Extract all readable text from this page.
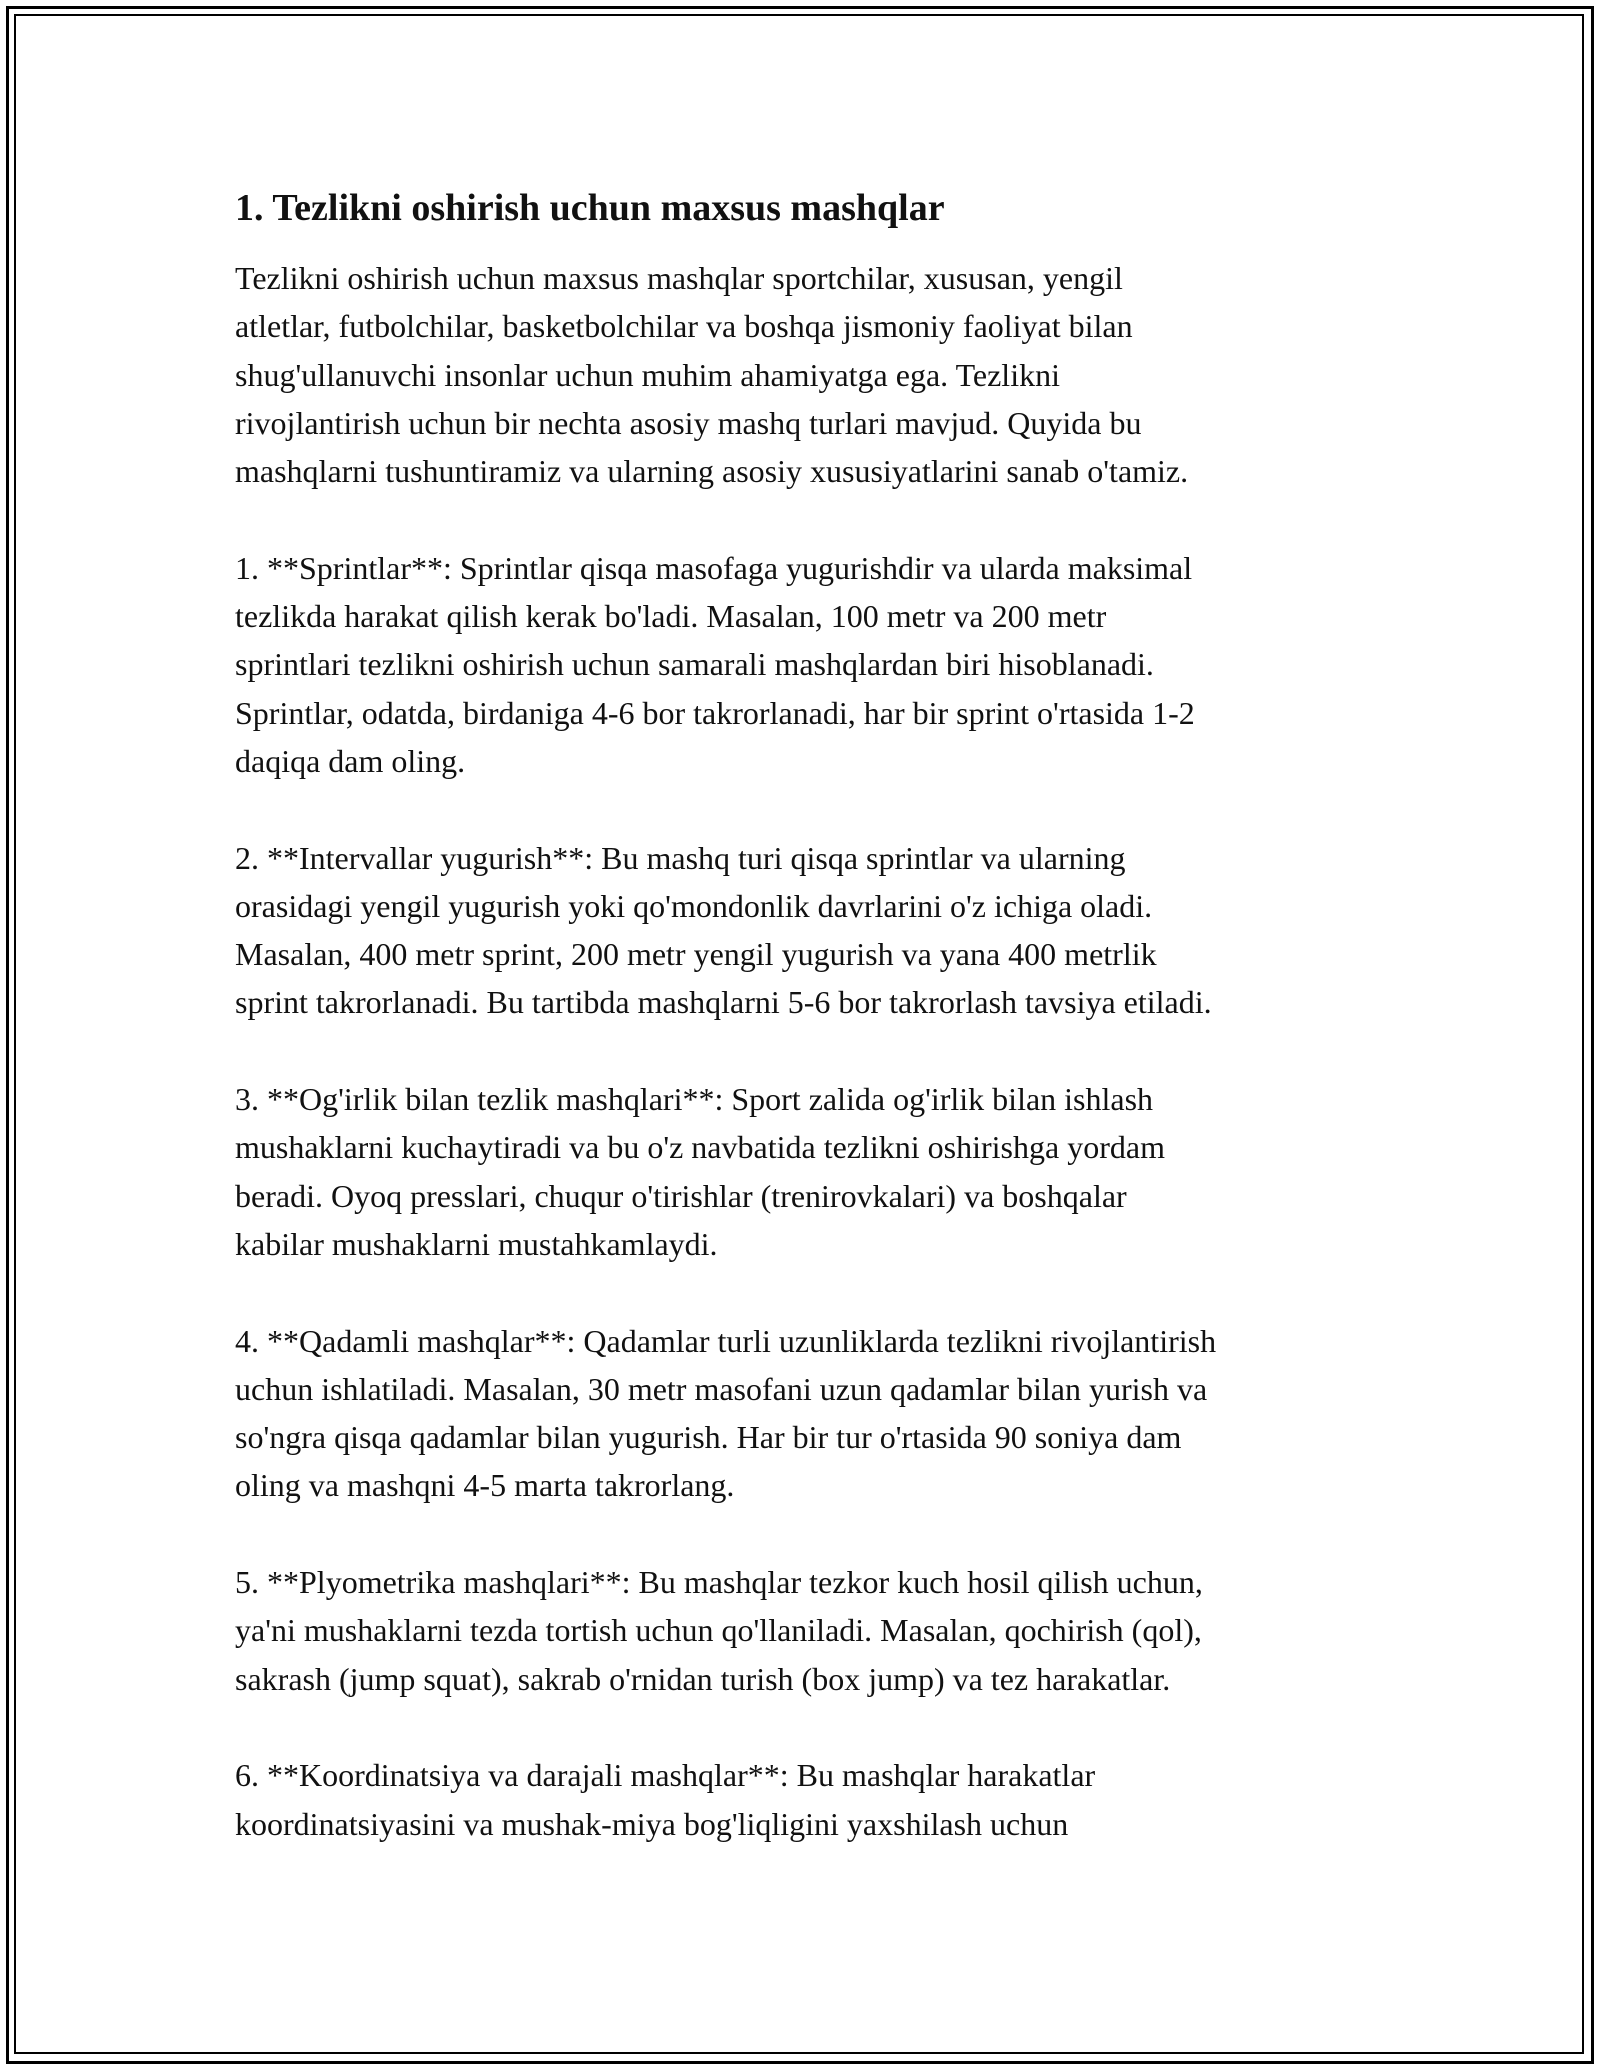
1. Tezlikni oshirish uchun maxsus mashqlar
Tezlikni oshirish uchun maxsus mashqlar sportchilar, xususan, yengil
atletlar, futbolchilar, basketbolchilar va boshqa jismoniy faoliyat bilan
shug'ullanuvchi insonlar uchun muhim ahamiyatga ega. Tezlikni
rivojlantirish uchun bir nechta asosiy mashq turlari mavjud. Quyida bu
mashqlarni tushuntiramiz va ularning asosiy xususiyatlarini sanab o'tamiz.
1. **Sprintlar**: Sprintlar qisqa masofaga yugurishdir va ularda maksimal
tezlikda harakat qilish kerak bo'ladi. Masalan, 100 metr va 200 metr
sprintlari tezlikni oshirish uchun samarali mashqlardan biri hisoblanadi.
Sprintlar, odatda, birdaniga 4-6 bor takrorlanadi, har bir sprint o'rtasida 1-2
daqiqa dam oling.
2. **Intervallar yugurish**: Bu mashq turi qisqa sprintlar va ularning
orasidagi yengil yugurish yoki qo'mondonlik davrlarini o'z ichiga oladi.
Masalan, 400 metr sprint, 200 metr yengil yugurish va yana 400 metrlik
sprint takrorlanadi. Bu tartibda mashqlarni 5-6 bor takrorlash tavsiya etiladi.
3. **Og'irlik bilan tezlik mashqlari**: Sport zalida og'irlik bilan ishlash
mushaklarni kuchaytiradi va bu o'z navbatida tezlikni oshirishga yordam
beradi. Oyoq presslari, chuqur o'tirishlar (trenirovkalari) va boshqalar
kabilar mushaklarni mustahkamlaydi.
4. **Qadamli mashqlar**: Qadamlar turli uzunliklarda tezlikni rivojlantirish
uchun ishlatiladi. Masalan, 30 metr masofani uzun qadamlar bilan yurish va
so'ngra qisqa qadamlar bilan yugurish. Har bir tur o'rtasida 90 soniya dam
oling va mashqni 4-5 marta takrorlang.
5. **Plyometrika mashqlari**: Bu mashqlar tezkor kuch hosil qilish uchun,
ya'ni mushaklarni tezda tortish uchun qo'llaniladi. Masalan, qochirish (qol),
sakrash (jump squat), sakrab o'rnidan turish (box jump) va tez harakatlar.
6. **Koordinatsiya va darajali mashqlar**: Bu mashqlar harakatlar
koordinatsiyasini va mushak-miya bog'liqligini yaxshilash uchun
